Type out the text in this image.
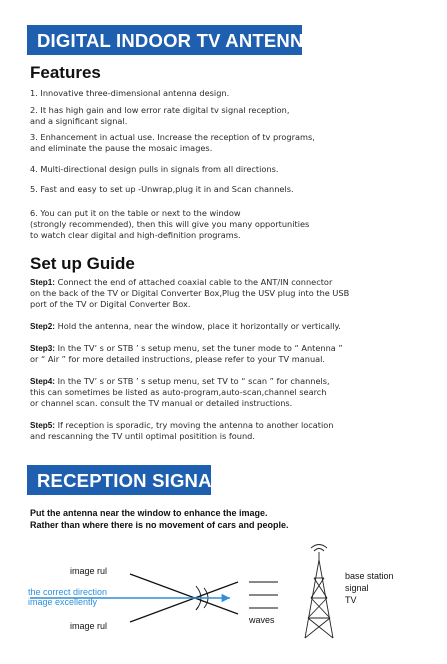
DIGITAL INDOOR TV ANTENNA
Features
1. Innovative three-dimensional antenna design.
2. It has high gain and low error rate digital tv signal reception,
and a significant signal.
3. Enhancement in actual use. Increase the reception of tv programs,
and eliminate the pause the mosaic images.
4. Multi-directional design pulls in signals from all directions.
5. Fast and easy to set up -Unwrap,plug it in and Scan channels.
6. You can put it on the table or next to the window
(strongly recommended), then this will give you many opportunities
to watch clear digital and high-definition programs.
Set up Guide
Step1: Connect the end of attached coaxial cable to the ANT/IN connector
on the back of the TV or Digital Converter Box,Plug the USV plug into the USB
port of the TV or Digital Converter Box.
Step2: Hold the antenna, near the window, place it horizontally or vertically.
Step3: In the TV’ s or STB ’ s setup menu, set the tuner mode to “ Antenna ”
or “ Air ” for more detailed instructions, please refer to your TV manual.
Step4: In the TV’ s or STB ’ s setup menu, set TV to “ scan ” for channels,
this can sometimes be listed as auto-program,auto-scan,channel search
or channel scan. consult the TV manual or detailed instructions.
Step5: If reception is sporadic, try moving the antenna to another location
and rescanning the TV until optimal positition is found.
RECEPTION SIGNAL
Put the antenna near the window to enhance the image.
Rather than where there is no movement of cars and people.
image rul
the correct direction
image excellently
image rul
waves
base station
signal
TV
